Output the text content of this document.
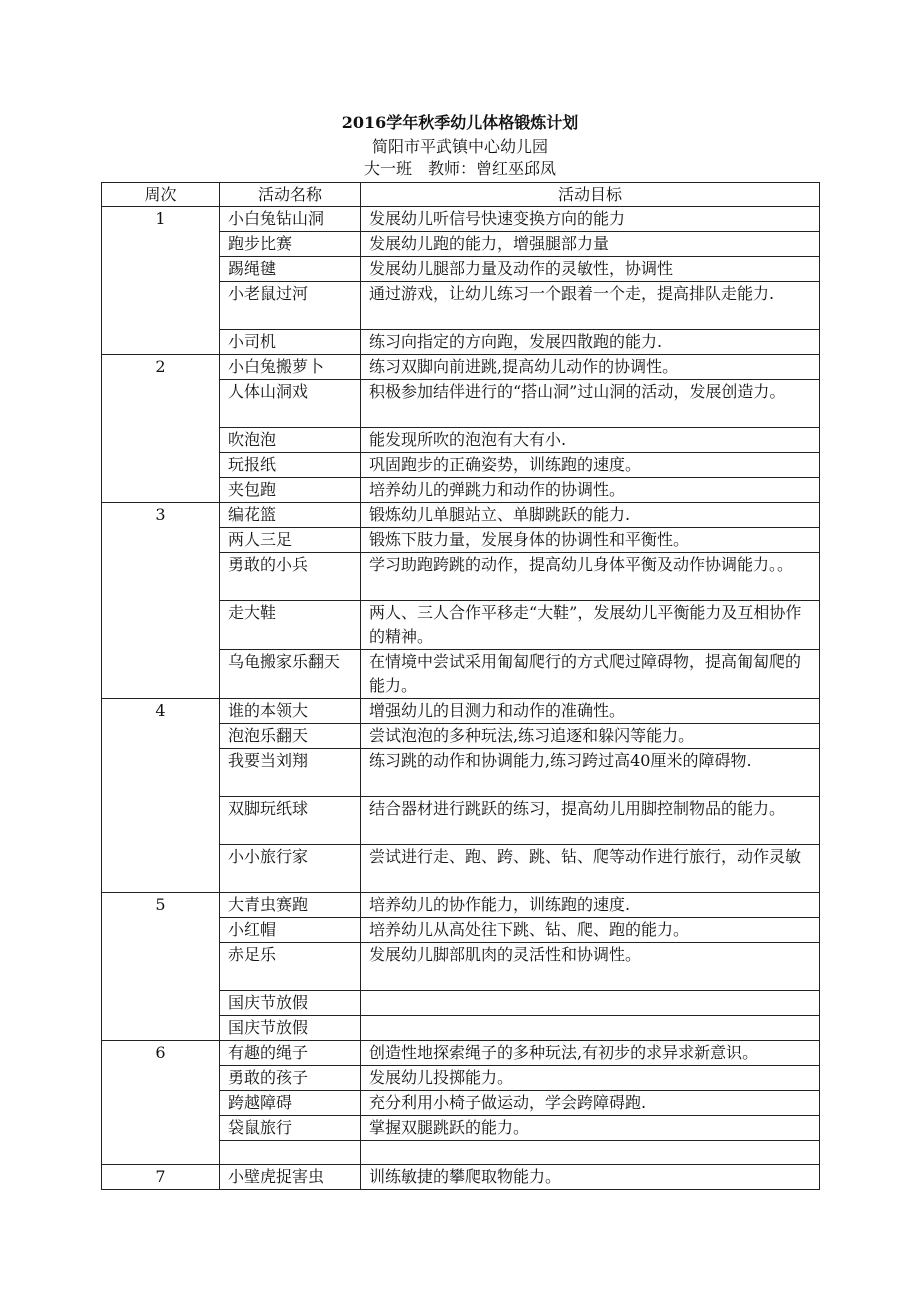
2016学年秋季幼儿体格锻炼计划
简阳市平武镇中心幼儿园
大一班　教师：曾红巫邱凤
周次	活动名称	活动目标
1	小白兔钻山洞	发展幼儿听信号快速变换方向的能力
	跑步比赛	发展幼儿跑的能力，增强腿部力量
	踢绳毽	发展幼儿腿部力量及动作的灵敏性，协调性
	小老鼠过河	通过游戏，让幼儿练习一个跟着一个走，提高排队走能力.
	小司机	练习向指定的方向跑，发展四散跑的能力.
2	小白兔搬萝卜	练习双脚向前进跳,提高幼儿动作的协调性。
	人体山洞戏	积极参加结伴进行的“搭山洞”过山洞的活动，发展创造力。
	吹泡泡	能发现所吹的泡泡有大有小.
	玩报纸	巩固跑步的正确姿势，训练跑的速度。
	夹包跑	培养幼儿的弹跳力和动作的协调性。
3	编花篮	锻炼幼儿单腿站立、单脚跳跃的能力.
	两人三足	锻炼下肢力量，发展身体的协调性和平衡性。
	勇敢的小兵	学习助跑跨跳的动作，提高幼儿身体平衡及动作协调能力。。
	走大鞋	两人、三人合作平移走“大鞋”，发展幼儿平衡能力及互相协作的精神。
	乌龟搬家乐翻天	在情境中尝试采用匍匐爬行的方式爬过障碍物，提高匍匐爬的能力。
4	谁的本领大	增强幼儿的目测力和动作的准确性。
	泡泡乐翻天	尝试泡泡的多种玩法,练习追逐和躲闪等能力。
	我要当刘翔	练习跳的动作和协调能力,练习跨过高40厘米的障碍物.
	双脚玩纸球	结合器材进行跳跃的练习，提高幼儿用脚控制物品的能力。
	小小旅行家	尝试进行走、跑、跨、跳、钻、爬等动作进行旅行，动作灵敏
5	大青虫赛跑	培养幼儿的协作能力，训练跑的速度.
	小红帽	培养幼儿从高处往下跳、钻、爬、跑的能力。
	赤足乐	发展幼儿脚部肌肉的灵活性和协调性。
	国庆节放假	
	国庆节放假	
6	有趣的绳子	创造性地探索绳子的多种玩法,有初步的求异求新意识。
	勇敢的孩子	发展幼儿投掷能力。
	跨越障碍	充分利用小椅子做运动，学会跨障碍跑.
	袋鼠旅行	掌握双腿跳跃的能力。

7	小壁虎捉害虫	训练敏捷的攀爬取物能力。
